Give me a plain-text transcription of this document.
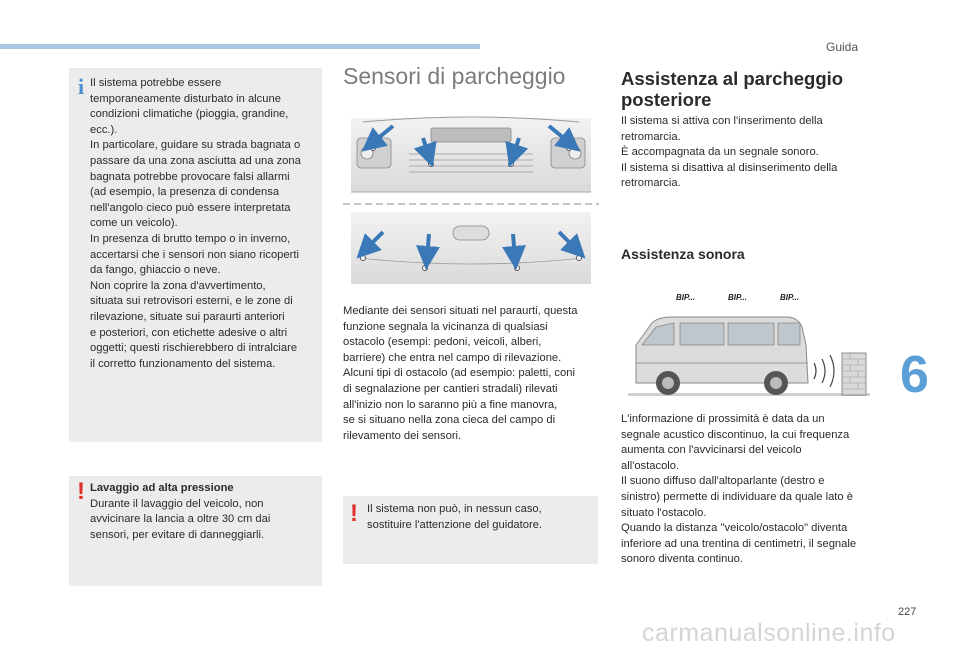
Guida
i Il sistema potrebbe essere

temporaneamente disturbato in alcune

condizioni climatiche (pioggia, grandine,

ecc.).

In particolare, guidare su strada bagnata o

passare da una zona asciutta ad una zona

bagnata potrebbe provocare falsi allarmi

(ad esempio, la presenza di condensa

nell'angolo cieco può essere interpretata

come un veicolo).

In presenza di brutto tempo o in inverno,

accertarsi che i sensori non siano ricoperti

da fango, ghiaccio o neve.

Non coprire la zona d'avvertimento,

situata sui retrovisori esterni, e le zone di

rilevazione, situate sui paraurti anteriori

e posteriori, con etichette adesive o altri

oggetti; questi rischierebbero di intralciare

il corretto funzionamento del sistema.

! Lavaggio ad alta pressione

Durante il lavaggio del veicolo, non

avvicinare la lancia a oltre 30 cm dai

sensori, per evitare di danneggiarli.

Sensori di parcheggio

Mediante dei sensori situati nel paraurti, questa

funzione segnala la vicinanza di qualsiasi

ostacolo (esempi: pedoni, veicoli, alberi,

barriere) che entra nel campo di rilevazione.

Alcuni tipi di ostacolo (ad esempio: paletti, coni

di segnalazione per cantieri stradali) rilevati

all'inizio non lo saranno più a fine manovra,

se si situano nella zona cieca del campo di

rilevamento dei sensori.

! Il sistema non può, in nessun caso,

sostituire l'attenzione del guidatore.

Assistenza al parcheggio
posteriore

Il sistema si attiva con l'inserimento della

retromarcia.

È accompagnata da un segnale sonoro.

Il sistema si disattiva al disinserimento della

retromarcia.

Assistenza sonora
BIP...	BIP...	BIP...

L'informazione di prossimità è data da un

segnale acustico discontinuo, la cui frequenza

aumenta con l'avvicinarsi del veicolo

all'ostacolo.

Il suono diffuso dall'altoparlante (destro e

sinistro) permette di individuare da quale lato è

situato l'ostacolo.

Quando la distanza "veicolo/ostacolo" diventa

inferiore ad una trentina di centimetri, il segnale

sonoro diventa continuo.

6
227
carmanualsonline.info
